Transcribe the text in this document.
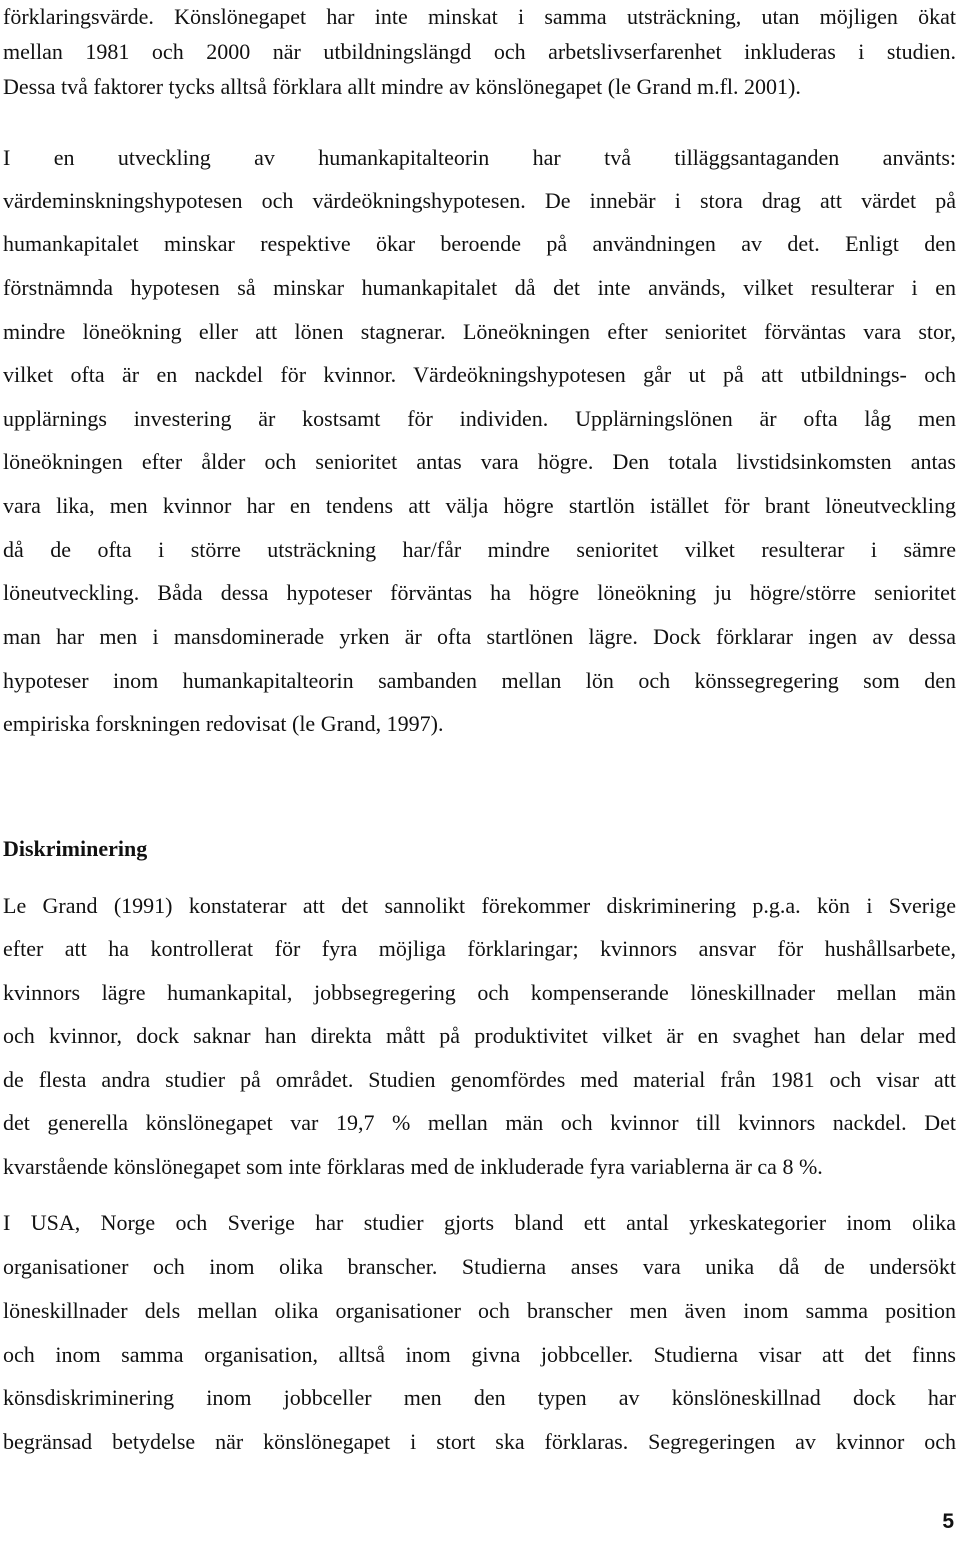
förklaringsvärde. Könslönegapet har inte minskat i samma utsträckning, utan möjligen ökat
mellan 1981 och 2000 när utbildningslängd och arbetslivserfarenhet inkluderas i studien.
Dessa två faktorer tycks alltså förklara allt mindre av könslönegapet (le Grand m.fl. 2001).
I en utveckling av humankapitalteorin har två tilläggsantaganden använts:
värdeminskningshypotesen och värdeökningshypotesen. De innebär i stora drag att värdet på
humankapitalet minskar respektive ökar beroende på användningen av det. Enligt den
förstnämnda hypotesen så minskar humankapitalet då det inte används, vilket resulterar i en
mindre löneökning eller att lönen stagnerar. Löneökningen efter senioritet förväntas vara stor,
vilket ofta är en nackdel för kvinnor. Värdeökningshypotesen går ut på att utbildnings- och
upplärnings investering är kostsamt för individen. Upplärningslönen är ofta låg men
löneökningen efter ålder och senioritet antas vara högre. Den totala livstidsinkomsten antas
vara lika, men kvinnor har en tendens att välja högre startlön istället för brant löneutveckling
då de ofta i större utsträckning har/får mindre senioritet vilket resulterar i sämre
löneutveckling. Båda dessa hypoteser förväntas ha högre löneökning ju högre/större senioritet
man har men i mansdominerade yrken är ofta startlönen lägre. Dock förklarar ingen av dessa
hypoteser inom humankapitalteorin sambanden mellan lön och könssegregering som den
empiriska forskningen redovisat (le Grand, 1997).
Diskriminering
Le Grand (1991) konstaterar att det sannolikt förekommer diskriminering p.g.a. kön i Sverige
efter att ha kontrollerat för fyra möjliga förklaringar; kvinnors ansvar för hushållsarbete,
kvinnors lägre humankapital, jobbsegregering och kompenserande löneskillnader mellan män
och kvinnor, dock saknar han direkta mått på produktivitet vilket är en svaghet han delar med
de flesta andra studier på området. Studien genomfördes med material från 1981 och visar att
det generella könslönegapet var 19,7 % mellan män och kvinnor till kvinnors nackdel. Det
kvarstående könslönegapet som inte förklaras med de inkluderade fyra variablerna är ca 8 %.
I USA, Norge och Sverige har studier gjorts bland ett antal yrkeskategorier inom olika
organisationer och inom olika branscher. Studierna anses vara unika då de undersökt
löneskillnader dels mellan olika organisationer och branscher men även inom samma position
och inom samma organisation, alltså inom givna jobbceller. Studierna visar att det finns
könsdiskriminering inom jobbceller men den typen av könslöneskillnad dock har
begränsad betydelse när könslönegapet i stort ska förklaras. Segregeringen av kvinnor och
5
